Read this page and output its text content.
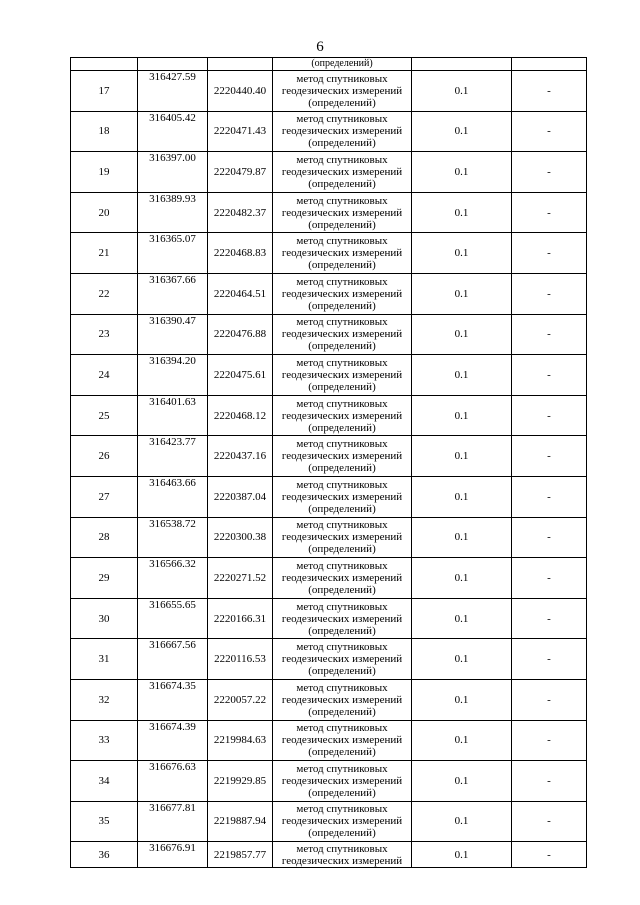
6
			(определений)		
17	316427.59	2220440.40	метод спутниковых
геодезических измерений
(определений)	0.1	-
18	316405.42	2220471.43	метод спутниковых
геодезических измерений
(определений)	0.1	-
19	316397.00	2220479.87	метод спутниковых
геодезических измерений
(определений)	0.1	-
20	316389.93	2220482.37	метод спутниковых
геодезических измерений
(определений)	0.1	-
21	316365.07	2220468.83	метод спутниковых
геодезических измерений
(определений)	0.1	-
22	316367.66	2220464.51	метод спутниковых
геодезических измерений
(определений)	0.1	-
23	316390.47	2220476.88	метод спутниковых
геодезических измерений
(определений)	0.1	-
24	316394.20	2220475.61	метод спутниковых
геодезических измерений
(определений)	0.1	-
25	316401.63	2220468.12	метод спутниковых
геодезических измерений
(определений)	0.1	-
26	316423.77	2220437.16	метод спутниковых
геодезических измерений
(определений)	0.1	-
27	316463.66	2220387.04	метод спутниковых
геодезических измерений
(определений)	0.1	-
28	316538.72	2220300.38	метод спутниковых
геодезических измерений
(определений)	0.1	-
29	316566.32	2220271.52	метод спутниковых
геодезических измерений
(определений)	0.1	-
30	316655.65	2220166.31	метод спутниковых
геодезических измерений
(определений)	0.1	-
31	316667.56	2220116.53	метод спутниковых
геодезических измерений
(определений)	0.1	-
32	316674.35	2220057.22	метод спутниковых
геодезических измерений
(определений)	0.1	-
33	316674.39	2219984.63	метод спутниковых
геодезических измерений
(определений)	0.1	-
34	316676.63	2219929.85	метод спутниковых
геодезических измерений
(определений)	0.1	-
35	316677.81	2219887.94	метод спутниковых
геодезических измерений
(определений)	0.1	-
36	316676.91	2219857.77	метод спутниковых
геодезических измерений	0.1	-
